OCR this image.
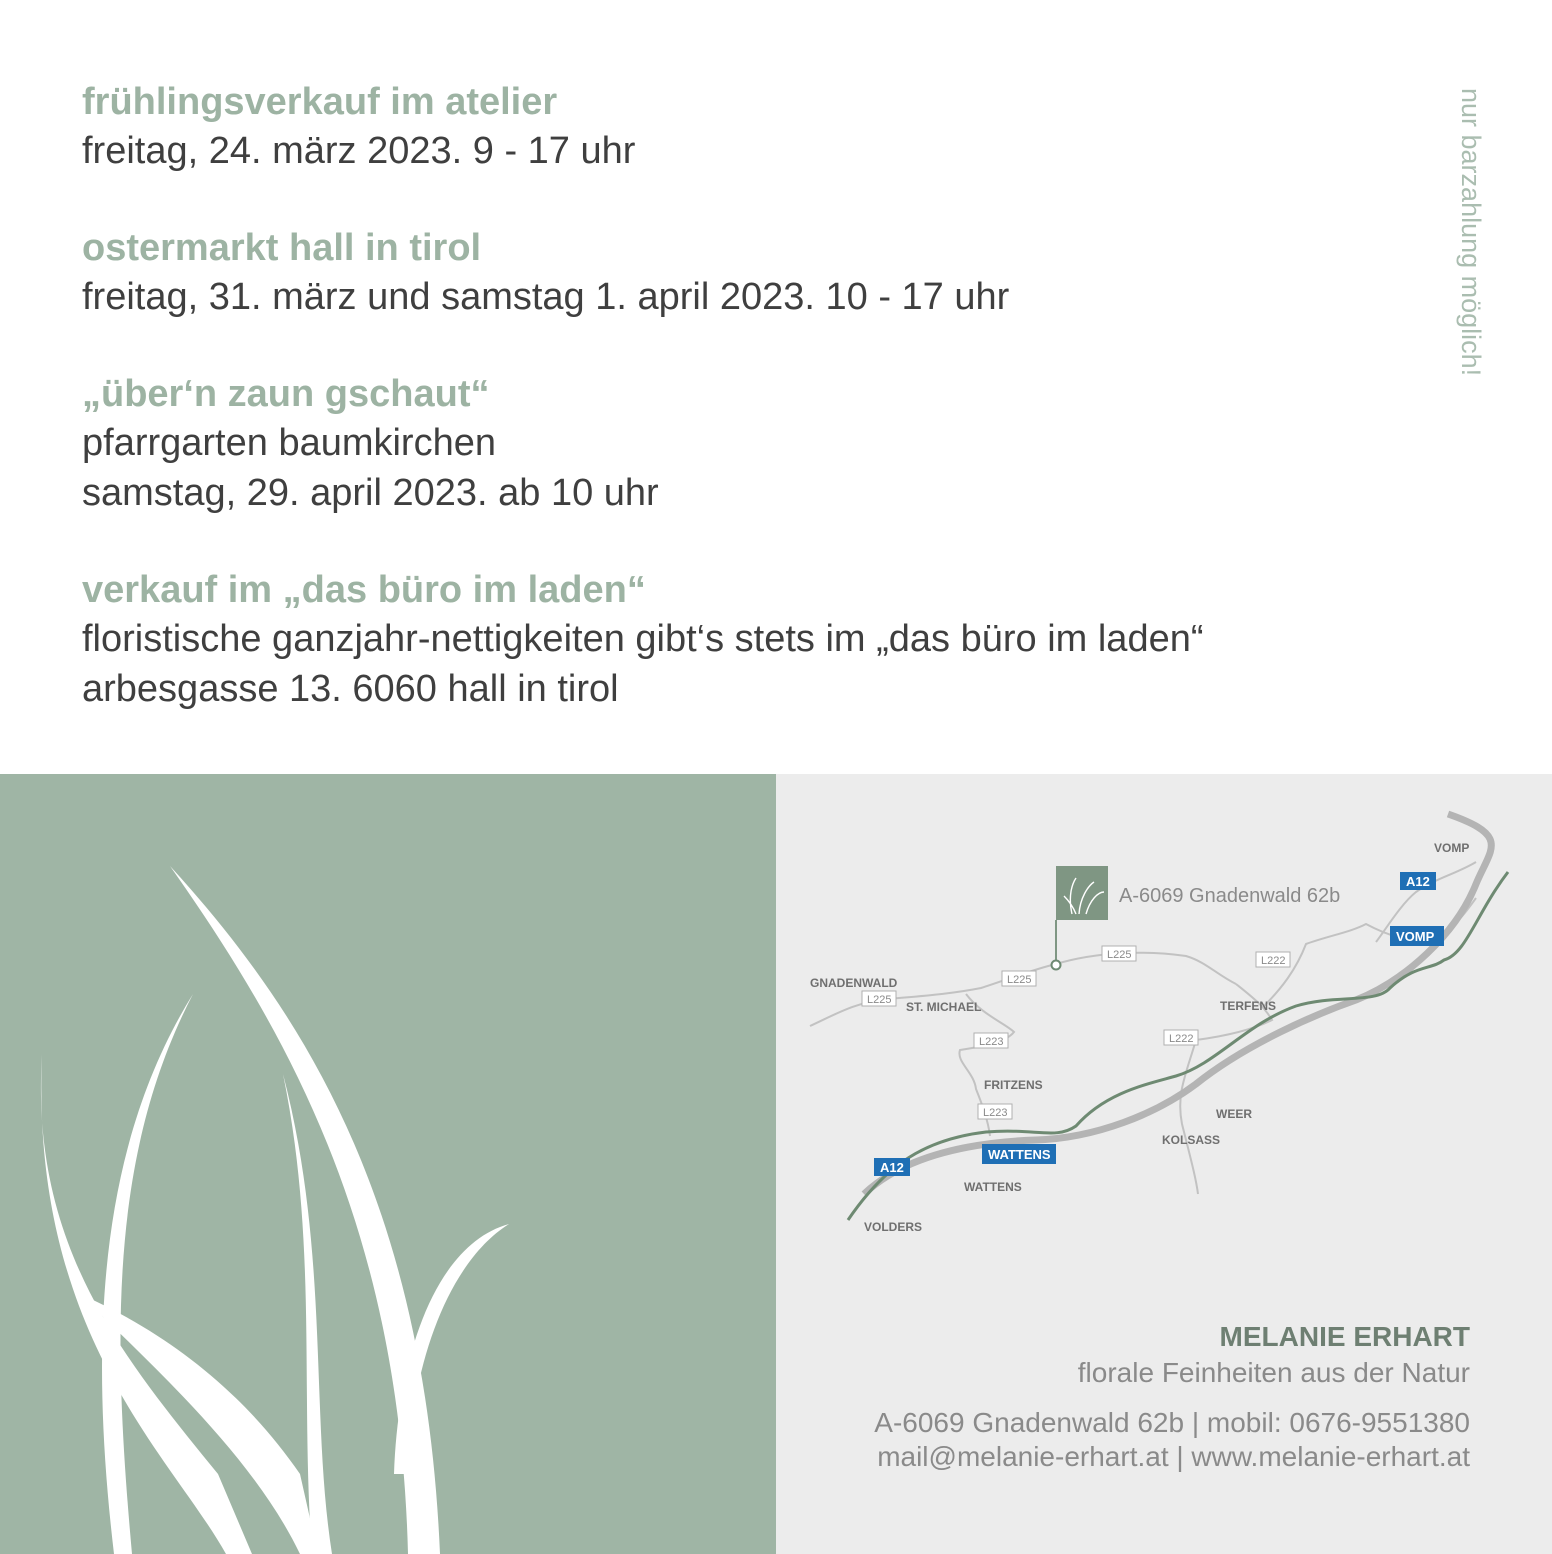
frühlingsverkauf im atelier
freitag, 24. märz 2023. 9 - 17 uhr
ostermarkt hall in tirol
freitag, 31. märz und samstag 1. april 2023. 10 - 17 uhr
„über‘n zaun gschaut“
pfarrgarten baumkirchen
samstag, 29. april 2023. ab 10 uhr
verkauf im „das büro im laden“
floristische ganzjahr-nettigkeiten gibt‘s stets im „das büro im laden“
arbesgasse 13. 6060 hall in tirol
nur barzahlung möglich!
A-6069 Gnadenwald 62b
VOMP
GNADENWALD
ST. MICHAEL	TERFENS
FRITZENS
WEER
KOLSASS
WATTENS
VOLDERS
L225
L225
L225
L223
L223
L222
L222
A12
A12
VOMP
WATTENS
MELANIE ERHART
florale Feinheiten aus der Natur
A-6069 Gnadenwald 62b | mobil: 0676-9551380
mail@melanie-erhart.at | www.melanie-erhart.at
